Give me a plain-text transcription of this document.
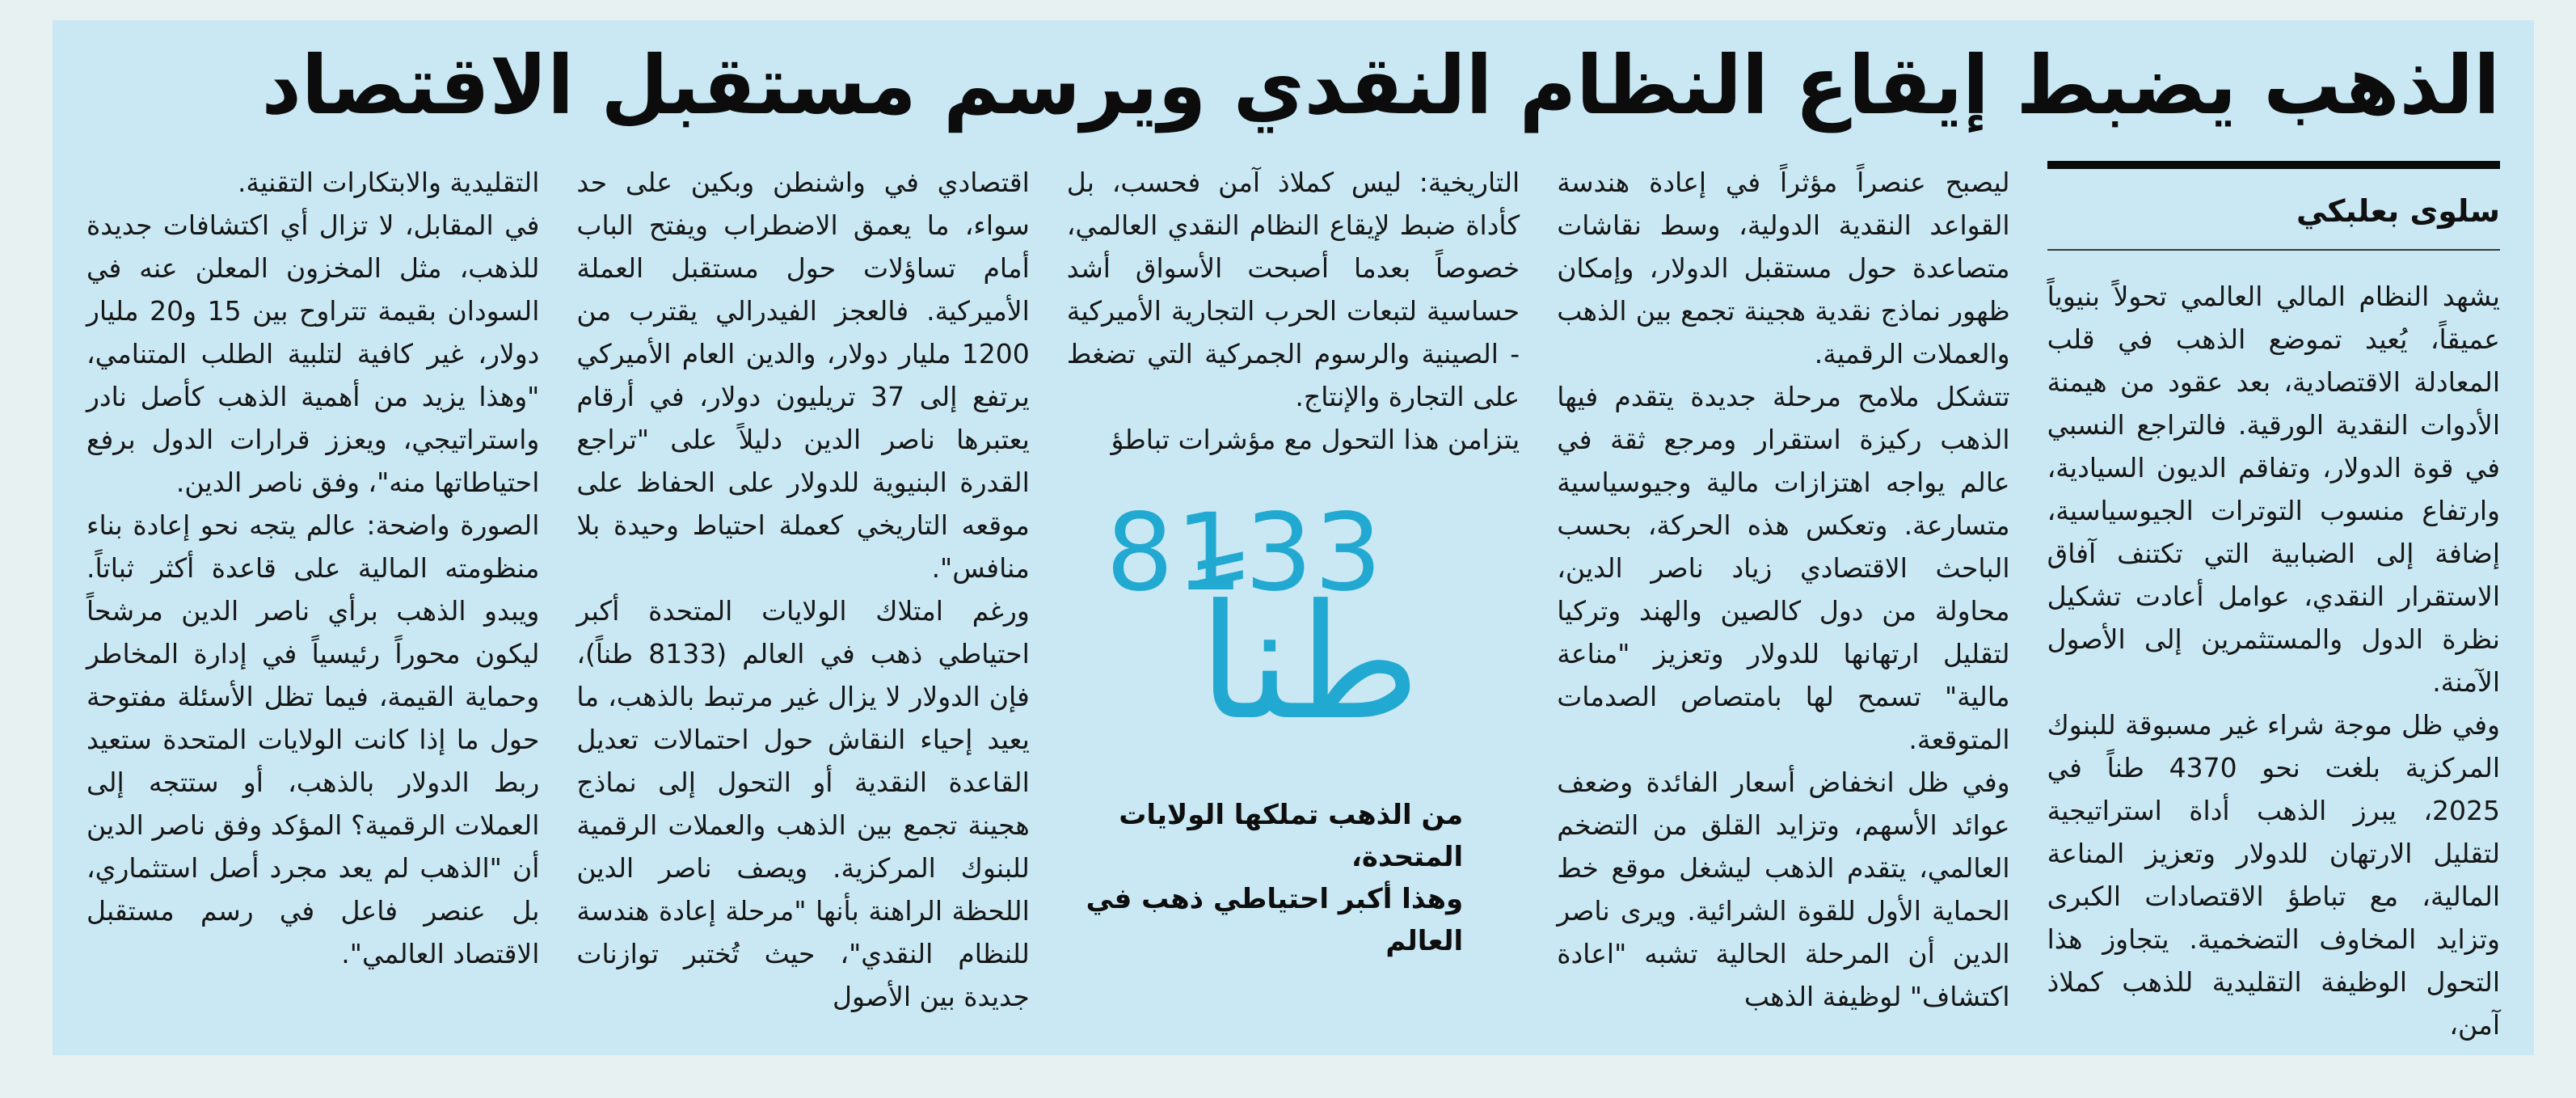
الذهب يضبط إيقاع النظام النقدي ويرسم مستقبل الاقتصاد
سلوى بعلبكي

يشهد النظام المالي العالمي تحولاً بنيوياً عميقاً، يُعيد تموضع الذهب في قلب المعادلة الاقتصادية، بعد عقود من هيمنة الأدوات النقدية الورقية. فالتراجع النسبي في قوة الدولار، وتفاقم الديون السيادية، وارتفاع منسوب التوترات الجيوسياسية، إضافة إلى الضبابية التي تكتنف آفاق الاستقرار النقدي، عوامل أعادت تشكيل نظرة الدول والمستثمرين إلى الأصول الآمنة.

وفي ظل موجة شراء غير مسبوقة للبنوك المركزية بلغت نحو 4370 طناً في 2025، يبرز الذهب أداة استراتيجية لتقليل الارتهان للدولار وتعزيز المناعة المالية، مع تباطؤ الاقتصادات الكبرى وتزايد المخاوف التضخمية. يتجاوز هذا التحول الوظيفة التقليدية للذهب كملاذ آمن،

ليصبح عنصراً مؤثراً في إعادة هندسة القواعد النقدية الدولية، وسط نقاشات متصاعدة حول مستقبل الدولار، وإمكان ظهور نماذج نقدية هجينة تجمع بين الذهب والعملات الرقمية.

تتشكل ملامح مرحلة جديدة يتقدم فيها الذهب ركيزة استقرار ومرجع ثقة في عالم يواجه اهتزازات مالية وجيوسياسية متسارعة. وتعكس هذه الحركة، بحسب الباحث الاقتصادي زياد ناصر الدين، محاولة من دول كالصين والهند وتركيا لتقليل ارتهانها للدولار وتعزيز "مناعة مالية" تسمح لها بامتصاص الصدمات المتوقعة.

وفي ظل انخفاض أسعار الفائدة وضعف عوائد الأسهم، وتزايد القلق من التضخم العالمي، يتقدم الذهب ليشغل موقع خط الحماية الأول للقوة الشرائية. ويرى ناصر الدين أن المرحلة الحالية تشبه "اعادة اكتشاف" لوظيفة الذهب

التاريخية: ليس كملاذ آمن فحسب، بل كأداة ضبط لإيقاع النظام النقدي العالمي، خصوصاً بعدما أصبحت الأسواق أشد حساسية لتبعات الحرب التجارية الأميركية - الصينية والرسوم الجمركية التي تضغط على التجارة والإنتاج.

يتزامن هذا التحول مع مؤشرات تباطؤ

8133
طناً
من الذهب تملكها الولايات المتحدة،
وهذا أكبر احتياطي ذهب في العالم

اقتصادي في واشنطن وبكين على حد سواء، ما يعمق الاضطراب ويفتح الباب أمام تساؤلات حول مستقبل العملة الأميركية. فالعجز الفيدرالي يقترب من 1200 مليار دولار، والدين العام الأميركي يرتفع إلى 37 تريليون دولار، في أرقام يعتبرها ناصر الدين دليلاً على "تراجع القدرة البنيوية للدولار على الحفاظ على موقعه التاريخي كعملة احتياط وحيدة بلا منافس".

ورغم امتلاك الولايات المتحدة أكبر احتياطي ذهب في العالم (8133 طناً)، فإن الدولار لا يزال غير مرتبط بالذهب، ما يعيد إحياء النقاش حول احتمالات تعديل القاعدة النقدية أو التحول إلى نماذج هجينة تجمع بين الذهب والعملات الرقمية للبنوك المركزية. ويصف ناصر الدين اللحظة الراهنة بأنها "مرحلة إعادة هندسة للنظام النقدي"، حيث تُختبر توازنات جديدة بين الأصول

التقليدية والابتكارات التقنية.

في المقابل، لا تزال أي اكتشافات جديدة للذهب، مثل المخزون المعلن عنه في السودان بقيمة تتراوح بين 15 و20 مليار دولار، غير كافية لتلبية الطلب المتنامي، "وهذا يزيد من أهمية الذهب كأصل نادر واستراتيجي، ويعزز قرارات الدول برفع احتياطاتها منه"، وفق ناصر الدين.

الصورة واضحة: عالم يتجه نحو إعادة بناء منظومته المالية على قاعدة أكثر ثباتاً. ويبدو الذهب برأي ناصر الدين مرشحاً ليكون محوراً رئيسياً في إدارة المخاطر وحماية القيمة، فيما تظل الأسئلة مفتوحة حول ما إذا كانت الولايات المتحدة ستعيد ربط الدولار بالذهب، أو ستتجه إلى العملات الرقمية؟ المؤكد وفق ناصر الدين أن "الذهب لم يعد مجرد أصل استثماري، بل عنصر فاعل في رسم مستقبل الاقتصاد العالمي".
